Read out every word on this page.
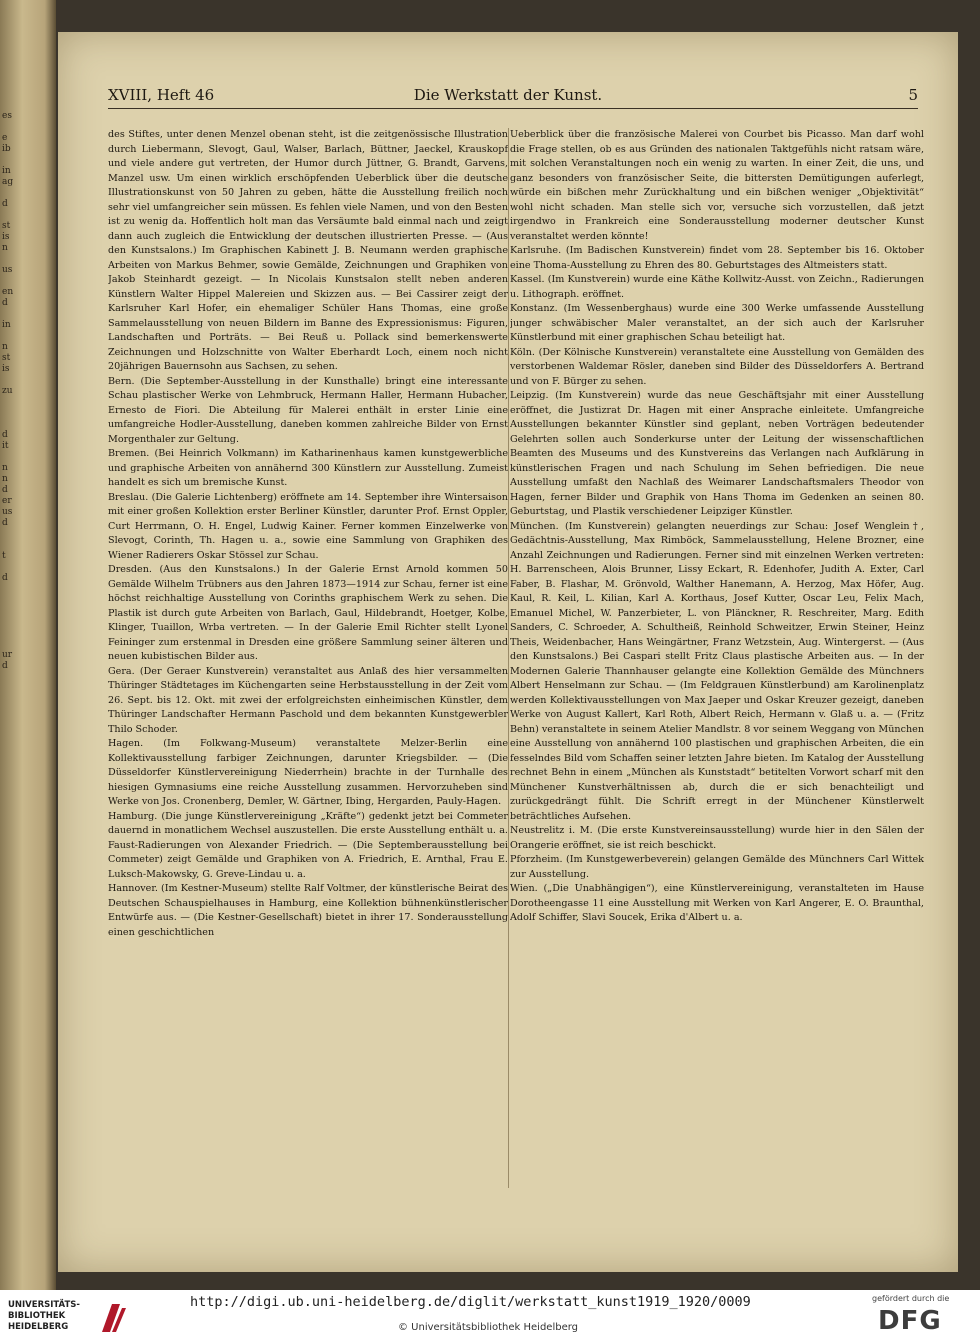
es

e
ib

in
ag

d

st
is
n

us

en
d

in

n
st
is

zu

d
it

n
n
d
er
us
d

t

d

ur
d
XVIII, Heft 46	Die Werkstatt der Kunst.	5

des Stiftes, unter denen Menzel obenan steht, ist die zeitgenössische Illustration durch Liebermann, Slevogt, Gaul, Walser, Barlach, Büttner, Jaeckel, Krauskopf und viele andere gut vertreten, der Humor durch Jüttner, G. Brandt, Garvens, Manzel usw. Um einen wirklich erschöpfenden Ueberblick über die deutsche Illustrationskunst von 50 Jahren zu geben, hätte die Ausstellung freilich noch sehr viel umfangreicher sein müssen. Es fehlen viele Namen, und von den Besten ist zu wenig da. Hoffentlich holt man das Versäumte bald einmal nach und zeigt dann auch zugleich die Entwicklung der deutschen illustrierten Presse. — (Aus den Kunstsalons.) Im Graphischen Kabinett J. B. Neumann werden graphische Arbeiten von Markus Behmer, sowie Gemälde, Zeichnungen und Graphiken von Jakob Steinhardt gezeigt. — In Nicolais Kunstsalon stellt neben anderen Künstlern Walter Hippel Malereien und Skizzen aus. — Bei Cassirer zeigt der Karlsruher Karl Hofer, ein ehemaliger Schüler Hans Thomas, eine große Sammelausstellung von neuen Bildern im Banne des Expressionismus: Figuren, Landschaften und Porträts. — Bei Reuß u. Pollack sind bemerkenswerte Zeichnungen und Holzschnitte von Walter Eberhardt Loch, einem noch nicht 20jährigen Bauernsohn aus Sachsen, zu sehen.

Bern. (Die September-Ausstellung in der Kunsthalle) bringt eine interessante Schau plastischer Werke von Lehmbruck, Hermann Haller, Hermann Hubacher, Ernesto de Fiori. Die Abteilung für Malerei enthält in erster Linie eine umfangreiche Hodler-Ausstellung, daneben kommen zahlreiche Bilder von Ernst Morgenthaler zur Geltung.

Bremen. (Bei Heinrich Volkmann) im Katharinenhaus kamen kunstgewerbliche und graphische Arbeiten von annähernd 300 Künstlern zur Ausstellung. Zumeist handelt es sich um bremische Kunst.

Breslau. (Die Galerie Lichtenberg) eröffnete am 14. September ihre Wintersaison mit einer großen Kollektion erster Berliner Künstler, darunter Prof. Ernst Oppler, Curt Herrmann, O. H. Engel, Ludwig Kainer. Ferner kommen Einzelwerke von Slevogt, Corinth, Th. Hagen u. a., sowie eine Sammlung von Graphiken des Wiener Radierers Oskar Stössel zur Schau.

Dresden. (Aus den Kunstsalons.) In der Galerie Ernst Arnold kommen 50 Gemälde Wilhelm Trübners aus den Jahren 1873—1914 zur Schau, ferner ist eine höchst reichhaltige Ausstellung von Corinths graphischem Werk zu sehen. Die Plastik ist durch gute Arbeiten von Barlach, Gaul, Hildebrandt, Hoetger, Kolbe, Klinger, Tuaillon, Wrba vertreten. — In der Galerie Emil Richter stellt Lyonel Feininger zum erstenmal in Dresden eine größere Sammlung seiner älteren und neuen kubistischen Bilder aus.

Gera. (Der Geraer Kunstverein) veranstaltet aus Anlaß des hier versammelten Thüringer Städtetages im Küchengarten seine Herbstausstellung in der Zeit vom 26. Sept. bis 12. Okt. mit zwei der erfolgreichsten einheimischen Künstler, dem Thüringer Landschafter Hermann Paschold und dem bekannten Kunstgewerbler Thilo Schoder.

Hagen. (Im Folkwang-Museum) veranstaltete Melzer-Berlin eine Kollektivausstellung farbiger Zeichnungen, darunter Kriegsbilder. — (Die Düsseldorfer Künstlervereinigung Niederrhein) brachte in der Turnhalle des hiesigen Gymnasiums eine reiche Ausstellung zusammen. Hervorzuheben sind Werke von Jos. Cronenberg, Demler, W. Gärtner, Ibing, Hergarden, Pauly-Hagen.

Hamburg. (Die junge Künstlervereinigung „Kräfte“) gedenkt jetzt bei Commeter dauernd in monatlichem Wechsel auszustellen. Die erste Ausstellung enthält u. a. Faust-Radierungen von Alexander Friedrich. — (Die Septemberausstellung bei Commeter) zeigt Gemälde und Graphiken von A. Friedrich, E. Arnthal, Frau E. Luksch-Makowsky, G. Greve-Lindau u. a.

Hannover. (Im Kestner-Museum) stellte Ralf Voltmer, der künstlerische Beirat des Deutschen Schauspielhauses in Hamburg, eine Kollektion bühnenkünstlerischer Entwürfe aus. — (Die Kestner-Gesellschaft) bietet in ihrer 17. Sonderausstellung einen geschichtlichen

Ueberblick über die französische Malerei von Courbet bis Picasso. Man darf wohl die Frage stellen, ob es aus Gründen des nationalen Taktgefühls nicht ratsam wäre, mit solchen Veranstaltungen noch ein wenig zu warten. In einer Zeit, die uns, und ganz besonders von französischer Seite, die bittersten Demütigungen auferlegt, würde ein bißchen mehr Zurückhaltung und ein bißchen weniger „Objektivität“ wohl nicht schaden. Man stelle sich vor, versuche sich vorzustellen, daß jetzt irgendwo in Frankreich eine Sonderausstellung moderner deutscher Kunst veranstaltet werden könnte!

Karlsruhe. (Im Badischen Kunstverein) findet vom 28. September bis 16. Oktober eine Thoma-Ausstellung zu Ehren des 80. Geburtstages des Altmeisters statt.

Kassel. (Im Kunstverein) wurde eine Käthe Kollwitz-Ausst. von Zeichn., Radierungen u. Lithograph. eröffnet.

Konstanz. (Im Wessenberghaus) wurde eine 300 Werke umfassende Ausstellung junger schwäbischer Maler veranstaltet, an der sich auch der Karlsruher Künstlerbund mit einer graphischen Schau beteiligt hat.

Köln. (Der Kölnische Kunstverein) veranstaltete eine Ausstellung von Gemälden des verstorbenen Waldemar Rösler, daneben sind Bilder des Düsseldorfers A. Bertrand und von F. Bürger zu sehen.

Leipzig. (Im Kunstverein) wurde das neue Geschäftsjahr mit einer Ausstellung eröffnet, die Justizrat Dr. Hagen mit einer Ansprache einleitete. Umfangreiche Ausstellungen bekannter Künstler sind geplant, neben Vorträgen bedeutender Gelehrten sollen auch Sonderkurse unter der Leitung der wissenschaftlichen Beamten des Museums und des Kunstvereins das Verlangen nach Aufklärung in künstlerischen Fragen und nach Schulung im Sehen befriedigen. Die neue Ausstellung umfaßt den Nachlaß des Weimarer Landschaftsmalers Theodor von Hagen, ferner Bilder und Graphik von Hans Thoma im Gedenken an seinen 80. Geburtstag, und Plastik verschiedener Leipziger Künstler.

München. (Im Kunstverein) gelangten neuerdings zur Schau: Josef Wenglein†, Gedächtnis-Ausstellung, Max Rimböck, Sammelausstellung, Helene Brozner, eine Anzahl Zeichnungen und Radierungen. Ferner sind mit einzelnen Werken vertreten: H. Barrenscheen, Alois Brunner, Lissy Eckart, R. Edenhofer, Judith A. Exter, Carl Faber, B. Flashar, M. Grönvold, Walther Hanemann, A. Herzog, Max Höfer, Aug. Kaul, R. Keil, L. Kilian, Karl A. Korthaus, Josef Kutter, Oscar Leu, Felix Mach, Emanuel Michel, W. Panzerbieter, L. von Plänckner, R. Reschreiter, Marg. Edith Sanders, C. Schroeder, A. Schultheiß, Reinhold Schweitzer, Erwin Steiner, Heinz Theis, Weidenbacher, Hans Weingärtner, Franz Wetzstein, Aug. Wintergerst. — (Aus den Kunstsalons.) Bei Caspari stellt Fritz Claus plastische Arbeiten aus. — In der Modernen Galerie Thannhauser gelangte eine Kollektion Gemälde des Münchners Albert Henselmann zur Schau. — (Im Feldgrauen Künstlerbund) am Karolinenplatz werden Kollektivausstellungen von Max Jaeper und Oskar Kreuzer gezeigt, daneben Werke von August Kallert, Karl Roth, Albert Reich, Hermann v. Glaß u. a. — (Fritz Behn) veranstaltete in seinem Atelier Mandlstr. 8 vor seinem Weggang von München eine Ausstellung von annähernd 100 plastischen und graphischen Arbeiten, die ein fesselndes Bild vom Schaffen seiner letzten Jahre bieten. Im Katalog der Ausstellung rechnet Behn in einem „München als Kunststadt“ betitelten Vorwort scharf mit den Münchener Kunstverhältnissen ab, durch die er sich benachteiligt und zurückgedrängt fühlt. Die Schrift erregt in der Münchener Künstlerwelt beträchtliches Aufsehen.

Neustrelitz i. M. (Die erste Kunstvereinsausstellung) wurde hier in den Sälen der Orangerie eröffnet, sie ist reich beschickt.

Pforzheim. (Im Kunstgewerbeverein) gelangen Gemälde des Münchners Carl Wittek zur Ausstellung.

Wien. („Die Unabhängigen“), eine Künstlervereinigung, veranstalteten im Hause Dorotheengasse 11 eine Ausstellung mit Werken von Karl Angerer, E. O. Braunthal, Adolf Schiffer, Slavi Soucek, Erika d'Albert u. a.

UNIVERSITÄTS-
BIBLIOTHEK
HEIDELBERG
http://digi.ub.uni-heidelberg.de/diglit/werkstatt_kunst1919_1920/0009
© Universitätsbibliothek Heidelberg
gefördert durch die
DFG
